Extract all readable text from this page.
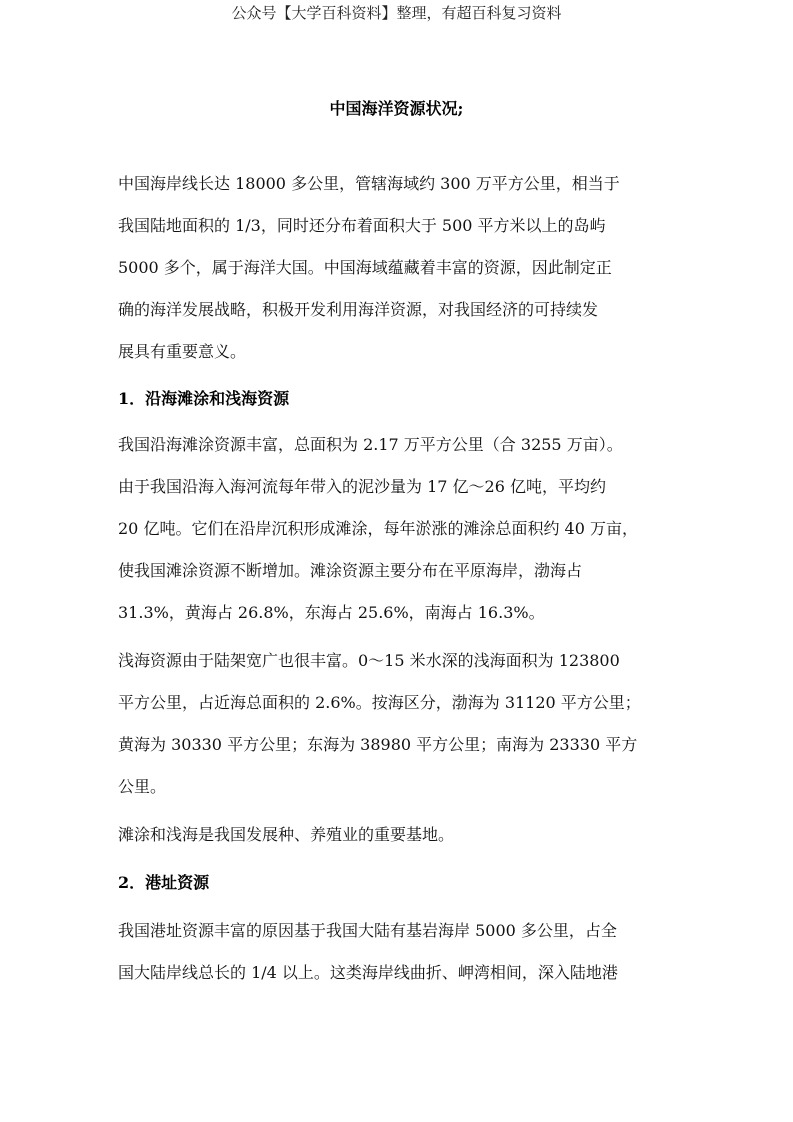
公众号【大学百科资料】整理，有超百科复习资料
中国海洋资源状况;
中国海岸线长达 18000 多公里，管辖海域约 300 万平方公里，相当于
我国陆地面积的 1/3，同时还分布着面积大于 500 平方米以上的岛屿
5000 多个，属于海洋大国。中国海域蕴藏着丰富的资源，因此制定正
确的海洋发展战略，积极开发利用海洋资源，对我国经济的可持续发
展具有重要意义。
1．沿海滩涂和浅海资源
我国沿海滩涂资源丰富，总面积为 2.17 万平方公里（合 3255 万亩）。
由于我国沿海入海河流每年带入的泥沙量为 17 亿～26 亿吨，平均约
20 亿吨。它们在沿岸沉积形成滩涂，每年淤涨的滩涂总面积约 40 万亩，
使我国滩涂资源不断增加。滩涂资源主要分布在平原海岸，渤海占
31.3%，黄海占 26.8%，东海占 25.6%，南海占 16.3%。
浅海资源由于陆架宽广也很丰富。0～15 米水深的浅海面积为 123800
平方公里，占近海总面积的 2.6%。按海区分，渤海为 31120 平方公里；
黄海为 30330 平方公里；东海为 38980 平方公里；南海为 23330 平方
公里。
滩涂和浅海是我国发展种、养殖业的重要基地。
2．港址资源
我国港址资源丰富的原因基于我国大陆有基岩海岸 5000 多公里，占全
国大陆岸线总长的 1/4 以上。这类海岸线曲折、岬湾相间，深入陆地港
